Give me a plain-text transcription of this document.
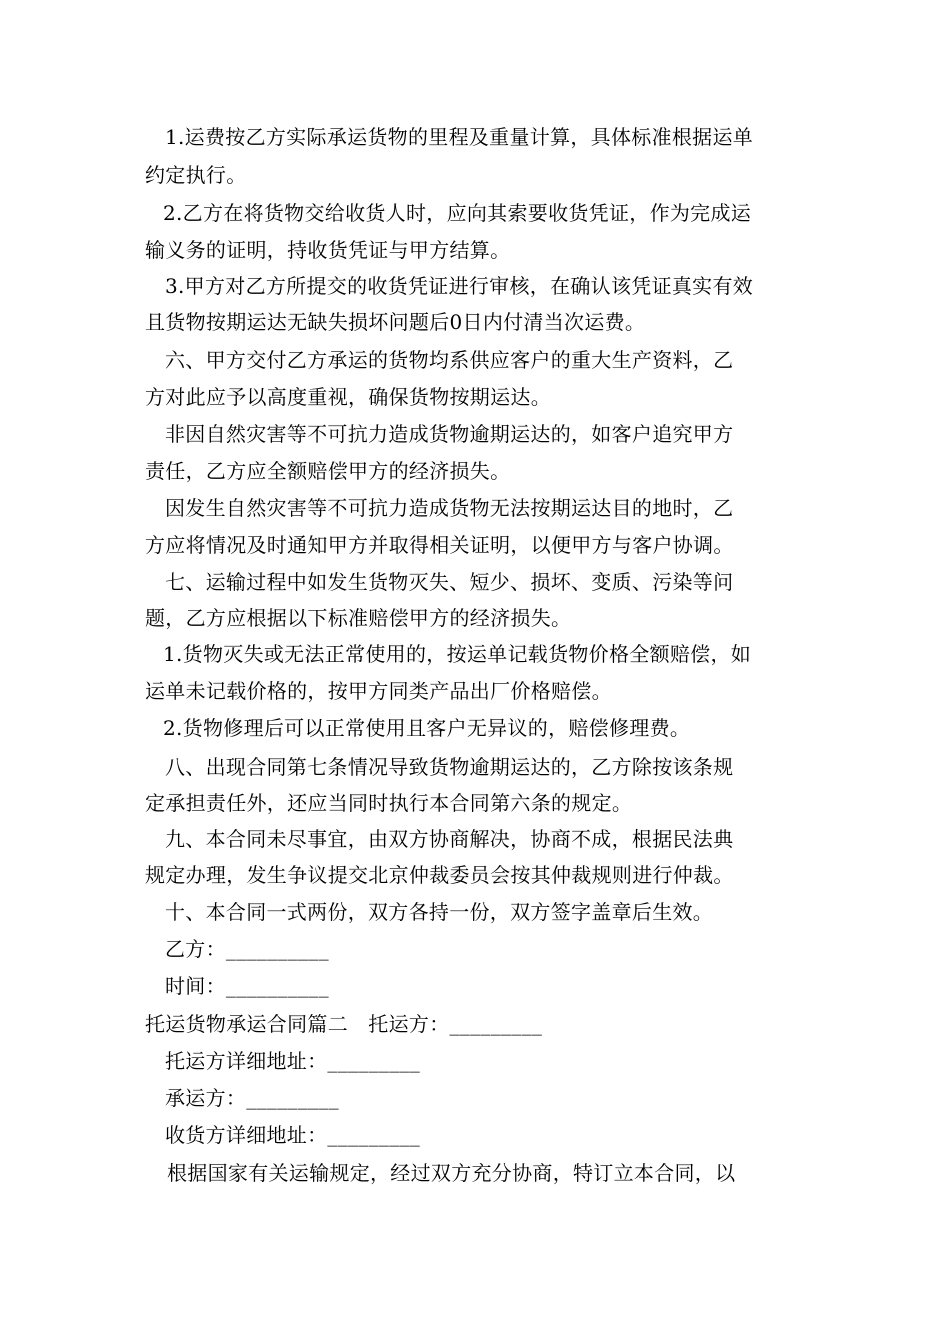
1.运费按乙方实际承运货物的里程及重量计算，具体标准根据运单
约定执行。
2.乙方在将货物交给收货人时，应向其索要收货凭证，作为完成运
输义务的证明，持收货凭证与甲方结算。
3.甲方对乙方所提交的收货凭证进行审核，在确认该凭证真实有效
且货物按期运达无缺失损坏问题后0日内付清当次运费。
六、甲方交付乙方承运的货物均系供应客户的重大生产资料，乙
方对此应予以高度重视，确保货物按期运达。
非因自然灾害等不可抗力造成货物逾期运达的，如客户追究甲方
责任，乙方应全额赔偿甲方的经济损失。
因发生自然灾害等不可抗力造成货物无法按期运达目的地时，乙
方应将情况及时通知甲方并取得相关证明，以便甲方与客户协调。
七、运输过程中如发生货物灭失、短少、损坏、变质、污染等问
题，乙方应根据以下标准赔偿甲方的经济损失。
1.货物灭失或无法正常使用的，按运单记载货物价格全额赔偿，如
运单未记载价格的，按甲方同类产品出厂价格赔偿。
2.货物修理后可以正常使用且客户无异议的，赔偿修理费。
八、出现合同第七条情况导致货物逾期运达的，乙方除按该条规
定承担责任外，还应当同时执行本合同第六条的规定。
九、本合同未尽事宜，由双方协商解决，协商不成，根据民法典
规定办理，发生争议提交北京仲裁委员会按其仲裁规则进行仲裁。
十、本合同一式两份，双方各持一份，双方签字盖章后生效。
乙方：__________
时间：__________
托运货物承运合同篇二　托运方：_________
托运方详细地址：_________
承运方：_________
收货方详细地址：_________
根据国家有关运输规定，经过双方充分协商，特订立本合同，以
